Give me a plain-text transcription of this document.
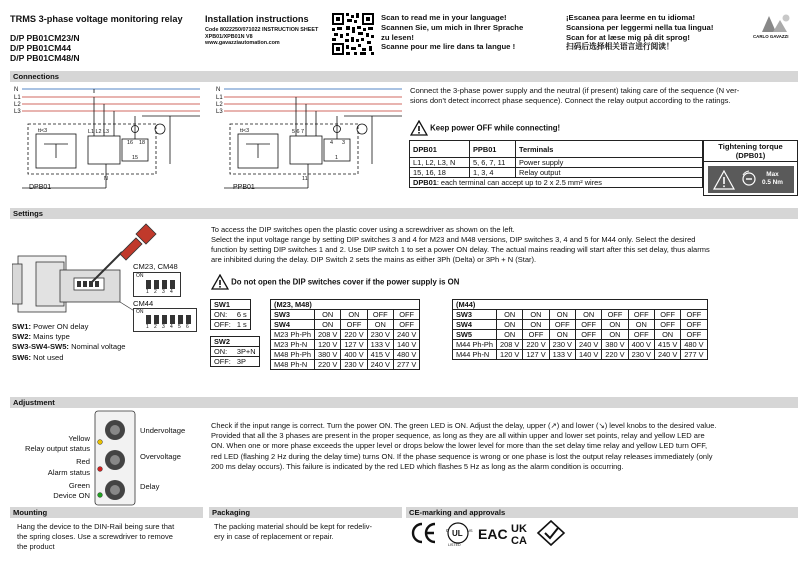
TRMS 3-phase voltage monitoring relay
D/P PB01CM23/N
D/P PB01CM44
D/P PB01CM48/N
Installation instructions
Code 8022250/071022 INSTRUCTION SHEET
XPB01/XPB01N V8
www.gavazziautomation.com
Scan to read me in your language!
Scannen Sie, um mich in Ihrer Sprache zu lesen!
Scanne pour me lire dans ta langue !
¡Escanea para leerme en tu idioma!
Scansiona per leggermi nella tua lingua!
Scan for at læse mig på dit sprog!
扫码后选择相关语言进行阅读！
CARLO GAVAZZI
Connections
N
L1
L2
L3
tt<3	L1 L2 L3
N
16 18
15
DPB01
N
L1
L2
L3
tt<3	5 6 7
11
4 3
1
PPB01
Connect the 3-phase power supply and the neutral (if present) taking care of the sequence (N ver-
sions don't detect incorrect phase sequence). Connect the relay output according to the ratings.
Keep power OFF while connecting!
DPB01	PPB01	Terminals
L1, L2, L3, N	5, 6, 7, 11	Power supply
15, 16, 18	1, 3, 4	Relay output
DPB01: each terminal can accept up to 2 x 2.5 mm² wires		
Tightening torque (DPB01)
Max
0.5 Nm
Settings
CM23, CM48
ON
1 2 3 4
CM44
ON
1 2 3 4 5 6
SW1: Power ON delay
SW2: Mains type
SW3-SW4-SW5: Nominal voltage
SW6: Not used
To access the DIP switches open the plastic cover using a screwdriver as shown on the left.
Select the input voltage range by setting DIP switches 3 and 4 for M23 and M48 versions, DIP switches 3, 4 and 5 for M44 only. Select the desired
function by setting DIP switches 1 and 2. Use DIP switch 1 to set a power ON delay. The actual mains reading will start after this set delay, thus alarms
are inhibited during the delay. DIP Switch 2 sets the mains as either 3Ph (Delta) or 3Ph + N (Star).
Do not open the DIP switches cover if the power supply is ON
SW1	
ON:	6 s
OFF:	1 s
SW2	
ON:	3P+N
OFF:	3P
(M23, M48)				
SW3	ON	ON	OFF	OFF
SW4	ON	OFF	ON	OFF
M23 Ph-Ph	208 V	220 V	230 V	240 V
M23 Ph-N	120 V	127 V	133 V	140 V
M48 Ph-Ph	380 V	400 V	415 V	480 V
M48 Ph-N	220 V	230 V	240 V	277 V
(M44)								
SW3	ON	ON	ON	ON	OFF	OFF	OFF	OFF
SW4	ON	ON	OFF	OFF	ON	ON	OFF	OFF
SW5	ON	OFF	ON	OFF	ON	OFF	ON	OFF
M44 Ph-Ph	208 V	220 V	230 V	240 V	380 V	400 V	415 V	480 V
M44 Ph-N	120 V	127 V	133 V	140 V	220 V	230 V	240 V	277 V
Adjustment
Yellow
Relay output status
Red
Alarm status
Green
Device ON
Undervoltage
Overvoltage
Delay
Check if the input range is correct. Turn the power ON. The green LED is ON. Adjust the delay, upper (↗) and lower (↘) level knobs to the desired value.
Provided that all the 3 phases are present in the proper sequence, as long as they are all within upper and lower set points, relay and yellow LED are
ON. When one or more phase exceeds the upper level or drops below the lower level for more than the set delay time relay and yellow LED turn OFF,
red LED (flashing 2 Hz during the delay time) turns ON. If the phase sequence is wrong or one phase is lost the output relay releases immediately (only
200 ms delay occurs). This failure is indicated by the red LED which flashes 5 Hz as long as the alarm condition is occurring.
Mounting	Packaging	CE-marking and approvals
Hang the device to the DIN-Rail being sure that
the spring closes. Use a screwdriver to remove
the product
The packing material should be kept for redeliv-
ery in case of replacement or repair.
c UL US
LISTED
EAC UK
CA
